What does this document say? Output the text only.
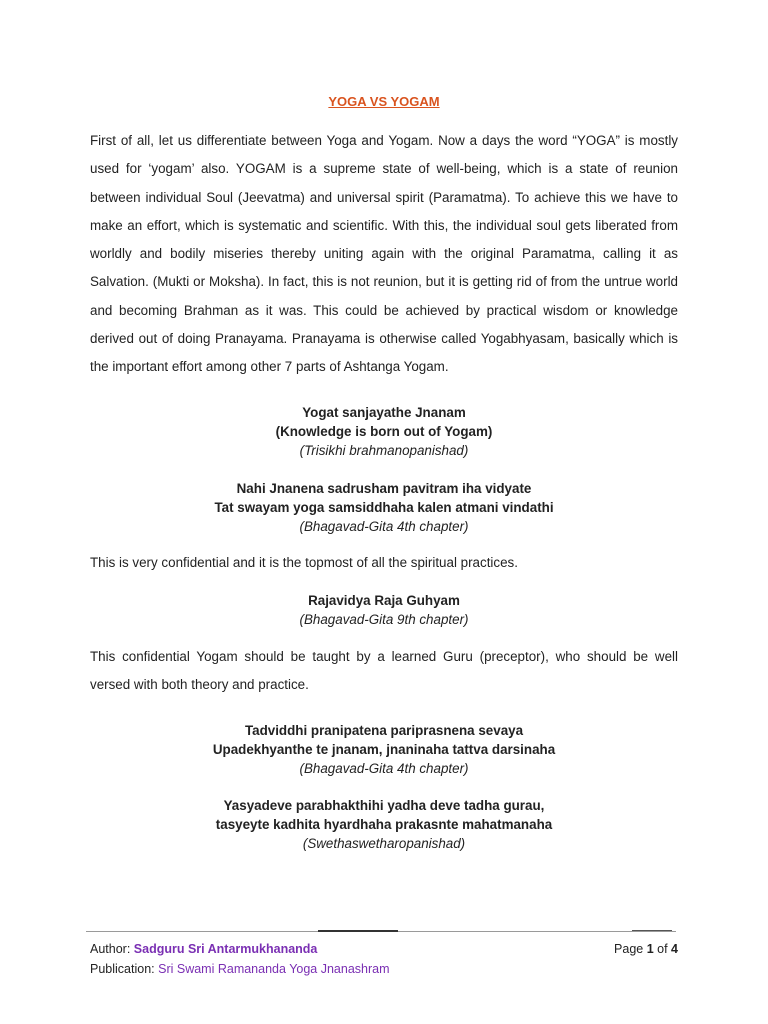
YOGA VS YOGAM

First of all, let us differentiate between Yoga and Yogam. Now a days the word “YOGA” is mostly used for ‘yogam’ also. YOGAM is a supreme state of well-being, which is a state of reunion between individual Soul (Jeevatma) and universal spirit (Paramatma). To achieve this we have to make an effort, which is systematic and scientific. With this, the individual soul gets liberated from worldly and bodily miseries thereby uniting again with the original Paramatma, calling it as Salvation. (Mukti or Moksha). In fact, this is not reunion, but it is getting rid of from the untrue world and becoming Brahman as it was. This could be achieved by practical wisdom or knowledge derived out of doing Pranayama. Pranayama is otherwise called Yogabhyasam, basically which is the important effort among other 7 parts of Ashtanga Yogam.

Yogat sanjayathe Jnanam
(Knowledge is born out of Yogam)
(Trisikhi brahmanopanishad)
Nahi Jnanena sadrusham pavitram iha vidyate
Tat swayam yoga samsiddhaha kalen atmani vindathi
(Bhagavad-Gita 4th chapter)

This is very confidential and it is the topmost of all the spiritual practices.

Rajavidya Raja Guhyam
(Bhagavad-Gita 9th chapter)

This confidential Yogam should be taught by a learned Guru (preceptor), who should be well versed with both theory and practice.

Tadviddhi pranipatena pariprasnena sevaya
Upadekhyanthe te jnanam, jnaninaha tattva darsinaha
(Bhagavad-Gita 4th chapter)
Yasyadeve parabhakthihi yadha deve tadha gurau,
tasyeyte kadhita hyardhaha prakasnte mahatmanaha
(Swethaswetharopanishad)
Author: Sadguru Sri Antarmukhananda
Publication: Sri Swami Ramananda Yoga Jnanashram
Page 1 of 4
